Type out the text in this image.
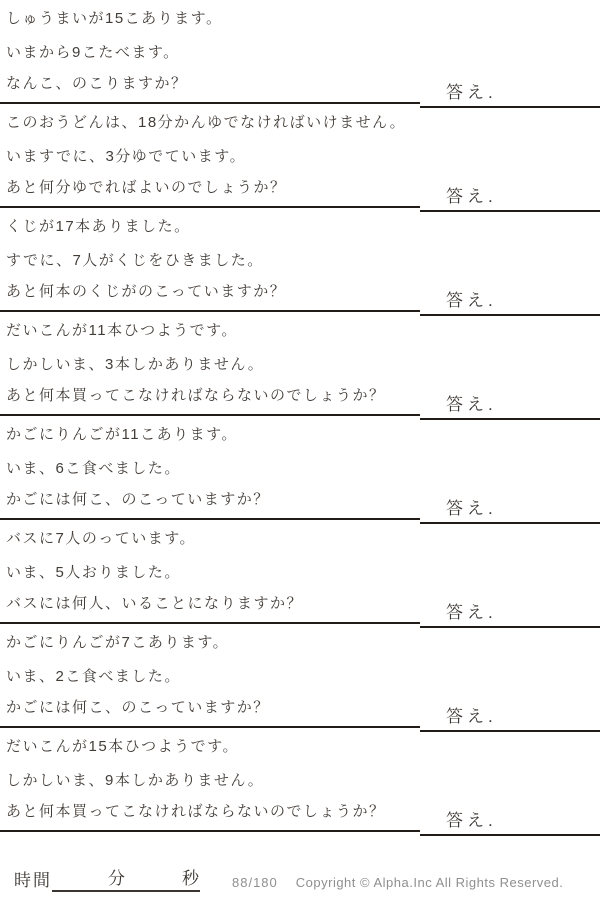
しゅうまいが15こあります。
いまから9こたべます。
なんこ、のこりますか？	答え.
このおうどんは、18分かんゆでなければいけません。
いますでに、3分ゆでています。
あと何分ゆでればよいのでしょうか？	答え.
くじが17本ありました。
すでに、7人がくじをひきました。
あと何本のくじがのこっていますか？	答え.
だいこんが11本ひつようです。
しかしいま、3本しかありません。
あと何本買ってこなければならないのでしょうか？	答え.
かごにりんごが11こあります。
いま、6こ食べました。
かごには何こ、のこっていますか？	答え.
バスに7人のっています。
いま、5人おりました。
バスには何人、いることになりますか？	答え.
かごにりんごが7こあります。
いま、2こ食べました。
かごには何こ、のこっていますか？	答え.
だいこんが15本ひつようです。
しかしいま、9本しかありません。
あと何本買ってこなければならないのでしょうか？	答え.
時間	分	秒 88/180 Copyright © Alpha.Inc All Rights Reserved.
